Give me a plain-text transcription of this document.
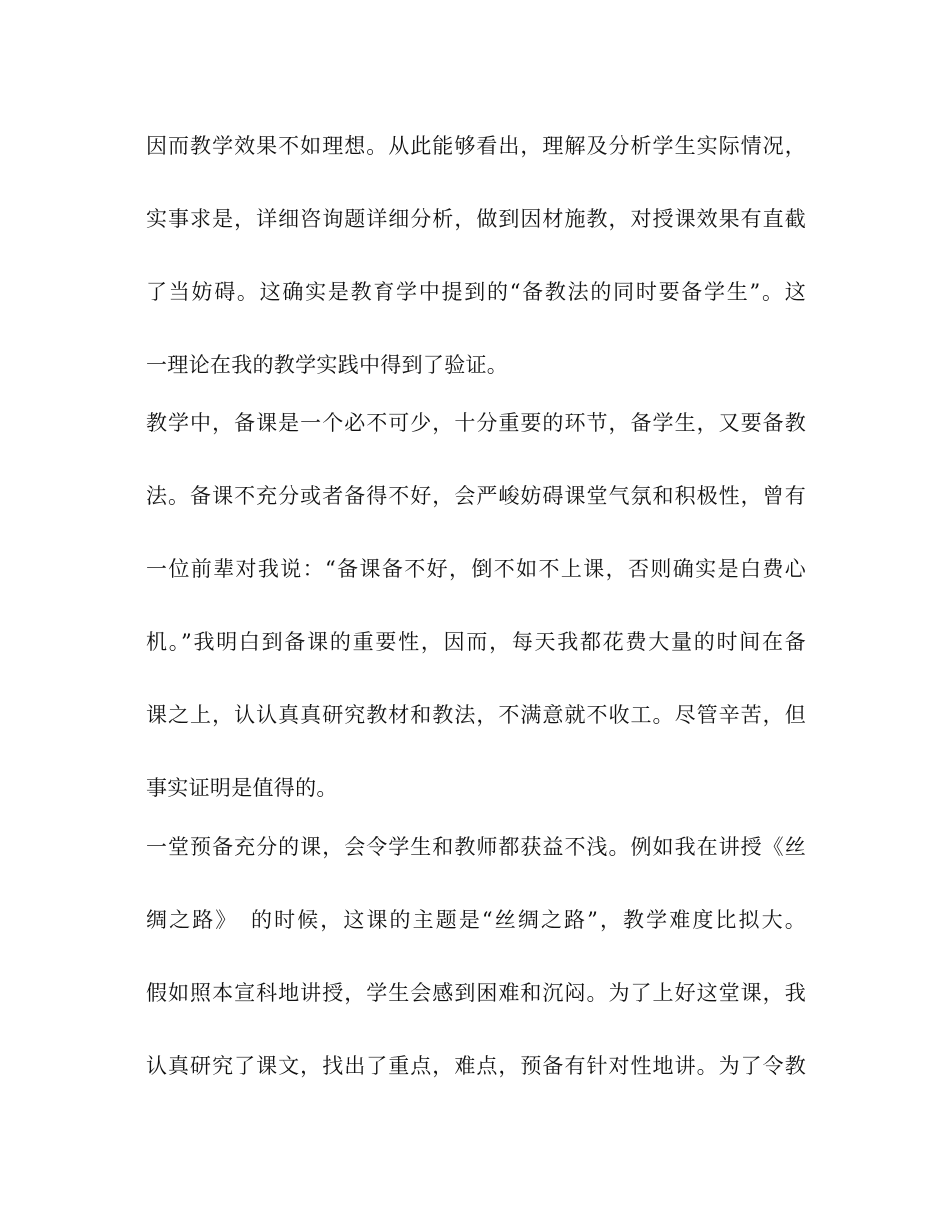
因而教学效果不如理想。从此能够看出，理解及分析学生实际情况，
实事求是，详细咨询题详细分析，做到因材施教，对授课效果有直截
了当妨碍。这确实是教育学中提到的“备教法的同时要备学生”。这
一理论在我的教学实践中得到了验证。
教学中，备课是一个必不可少，十分重要的环节，备学生，又要备教
法。备课不充分或者备得不好，会严峻妨碍课堂气氛和积极性，曾有
一位前辈对我说：“备课备不好，倒不如不上课，否则确实是白费心
机。”我明白到备课的重要性，因而，每天我都花费大量的时间在备
课之上，认认真真研究教材和教法，不满意就不收工。尽管辛苦，但
事实证明是值得的。
一堂预备充分的课，会令学生和教师都获益不浅。例如我在讲授《丝
绸之路》　的时候，这课的主题是“丝绸之路”，教学难度比拟大。
假如照本宣科地讲授，学生会感到困难和沉闷。为了上好这堂课，我
认真研究了课文，找出了重点，难点，预备有针对性地讲。为了令教
